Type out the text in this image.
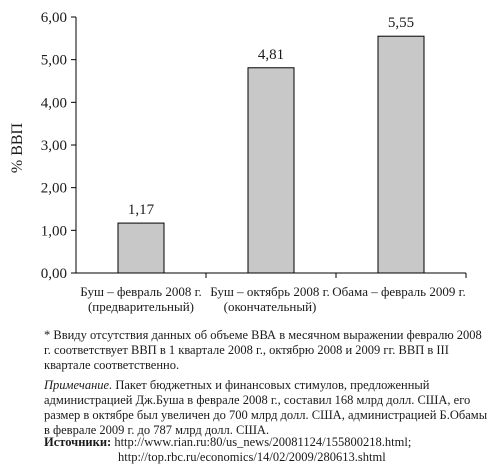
% ВВП
0,00
1,00
2,00
3,00
4,00
5,00
6,00
1,17
4,81
5,55
Буш – февраль 2008 г.
(предварительный)
Буш – октябрь 2008 г.
(окончательный)
Обама – февраль 2009 г.
* Ввиду отсутствия данных об объеме ВВА в месячном выражении февралю 2008 г. соответствует ВВП в 1 квартале 2008 г., октябрю 2008 и 2009 гг. ВВП в III квартале соответственно.
Примечание. Пакет бюджетных и финансовых стимулов, предложенный администрацией Дж.Буша в феврале 2008 г., составил 168 млрд долл. США, его размер в октябре был увеличен до 700 млрд долл. США, администрацией Б.Обамы в феврале 2009 г. до 787 млрд долл. США.
Источники: http://www.rian.ru:80/us_news/20081124/155800218.html;
http://top.rbc.ru/economics/14/02/2009/280613.shtml
